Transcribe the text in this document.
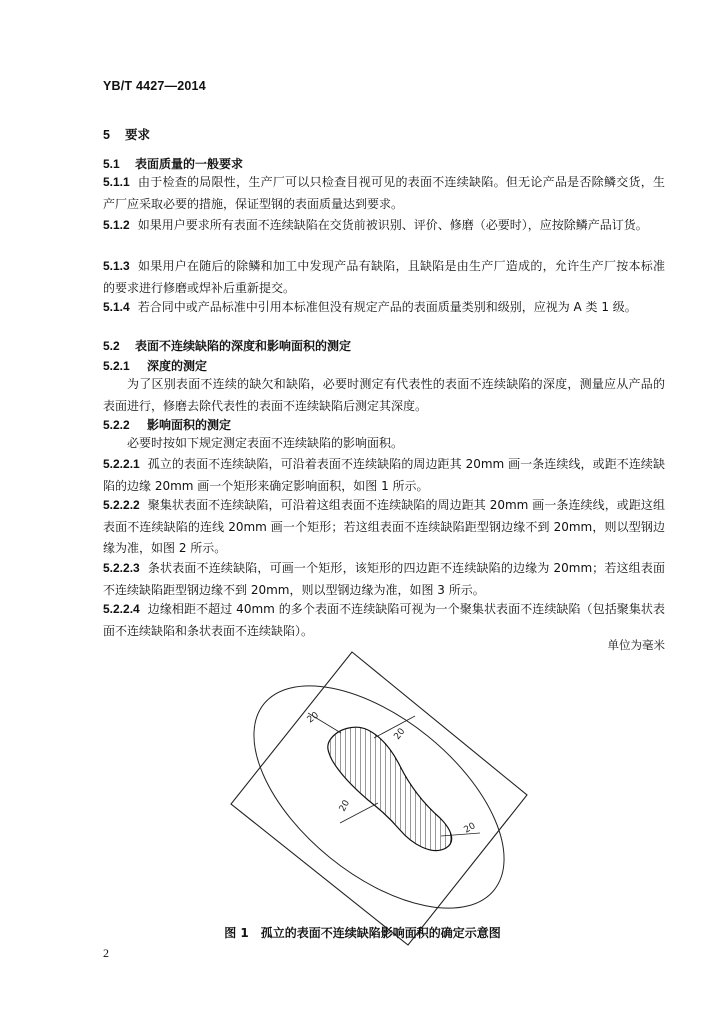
YB/T 4427—2014
5 要求
5.1 表面质量的一般要求
5.1.1 由于检查的局限性，生产厂可以只检查目视可见的表面不连续缺陷。但无论产品是否除鳞交货，生产厂应采取必要的措施，保证型钢的表面质量达到要求。
5.1.2 如果用户要求所有表面不连续缺陷在交货前被识别、评价、修磨（必要时），应按除鳞产品订货。
5.1.3 如果用户在随后的除鳞和加工中发现产品有缺陷，且缺陷是由生产厂造成的，允许生产厂按本标准的要求进行修磨或焊补后重新提交。
5.1.4 若合同中或产品标准中引用本标准但没有规定产品的表面质量类别和级别，应视为 A 类 1 级。
5.2 表面不连续缺陷的深度和影响面积的测定
5.2.1 深度的测定
为了区别表面不连续的缺欠和缺陷，必要时测定有代表性的表面不连续缺陷的深度，测量应从产品的表面进行，修磨去除代表性的表面不连续缺陷后测定其深度。
5.2.2 影响面积的测定
必要时按如下规定测定表面不连续缺陷的影响面积。
5.2.2.1 孤立的表面不连续缺陷，可沿着表面不连续缺陷的周边距其 20mm 画一条连续线，或距不连续缺陷的边缘 20mm 画一个矩形来确定影响面积，如图 1 所示。
5.2.2.2 聚集状表面不连续缺陷，可沿着这组表面不连续缺陷的周边距其 20mm 画一条连续线，或距这组表面不连续缺陷的连线 20mm 画一个矩形；若这组表面不连续缺陷距型钢边缘不到 20mm，则以型钢边缘为准，如图 2 所示。
5.2.2.3 条状表面不连续缺陷，可画一个矩形，该矩形的四边距不连续缺陷的边缘为 20mm；若这组表面不连续缺陷距型钢边缘不到 20mm，则以型钢边缘为准，如图 3 所示。
5.2.2.4 边缘相距不超过 40mm 的多个表面不连续缺陷可视为一个聚集状表面不连续缺陷（包括聚集状表面不连续缺陷和条状表面不连续缺陷）。
单位为毫米
20
20
20
20
图 1 孤立的表面不连续缺陷影响面积的确定示意图
2
